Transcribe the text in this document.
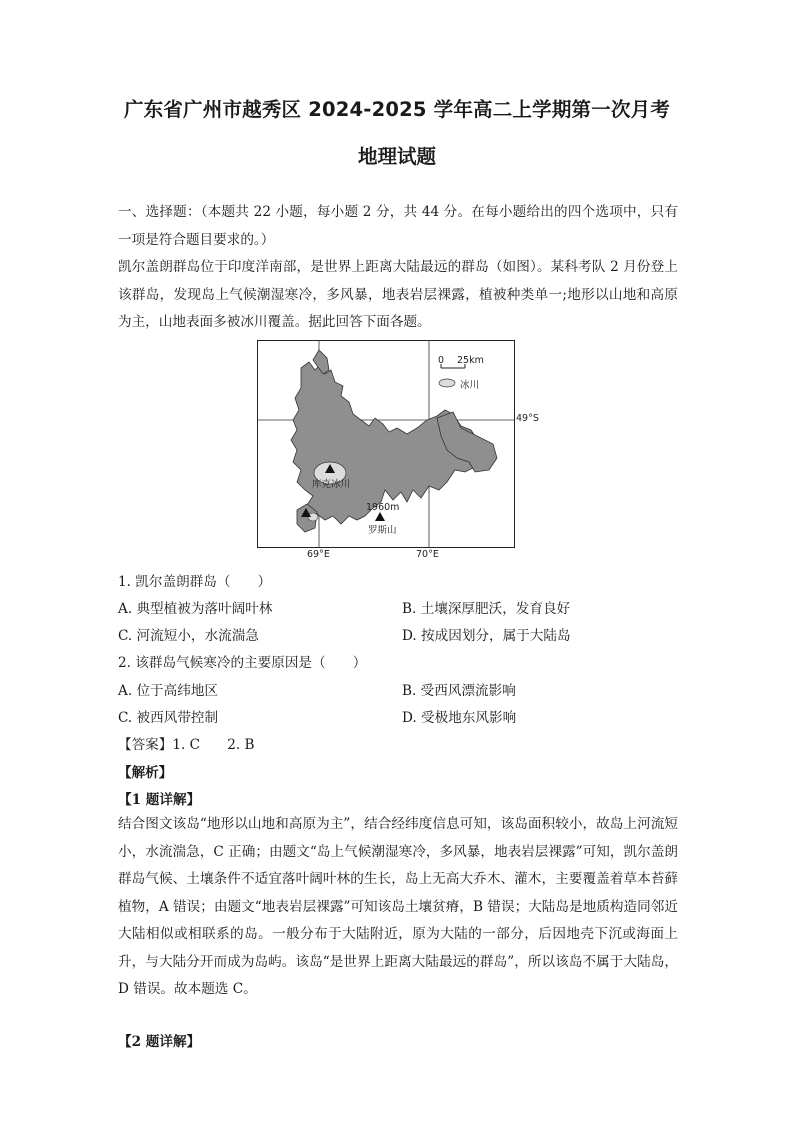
广东省广州市越秀区 2024-2025 学年高二上学期第一次月考
地理试题
一、选择题：（本题共 22 小题，每小题 2 分，共 44 分。在每小题给出的四个选项中，只有一项是符合题目要求的。）
凯尔盖朗群岛位于印度洋南部，是世界上距离大陆最远的群岛（如图）。某科考队 2 月份登上该群岛，发现岛上气候潮湿寒冷，多风暴，地表岩层裸露，植被种类单一;地形以山地和高原为主，山地表面多被冰川覆盖。据此回答下面各题。
0 25km
冰川
49°S
库克冰川
1960m
罗斯山
69°E	70°E
1. 凯尔盖朗群岛（　　）
A. 典型植被为落叶阔叶林	B. 土壤深厚肥沃，发育良好
C. 河流短小，水流湍急	D. 按成因划分，属于大陆岛
2. 该群岛气候寒冷的主要原因是（　　）
A. 位于高纬地区	B. 受西风漂流影响
C. 被西风带控制	D. 受极地东风影响
【答案】1. C　　2. B
【解析】
【1 题详解】
结合图文该岛“地形以山地和高原为主”，结合经纬度信息可知，该岛面积较小，故岛上河流短小，水流湍急，C 正确；由题文“岛上气候潮湿寒冷，多风暴，地表岩层裸露”可知，凯尔盖朗群岛气候、土壤条件不适宜落叶阔叶林的生长，岛上无高大乔木、灌木，主要覆盖着草本苔藓植物，A 错误；由题文“地表岩层裸露”可知该岛土壤贫瘠，B 错误；大陆岛是地质构造同邻近大陆相似或相联系的岛。一般分布于大陆附近，原为大陆的一部分，后因地壳下沉或海面上升，与大陆分开而成为岛屿。该岛“是世界上距离大陆最远的群岛”，所以该岛不属于大陆岛，D 错误。故本题选 C。
【2 题详解】
